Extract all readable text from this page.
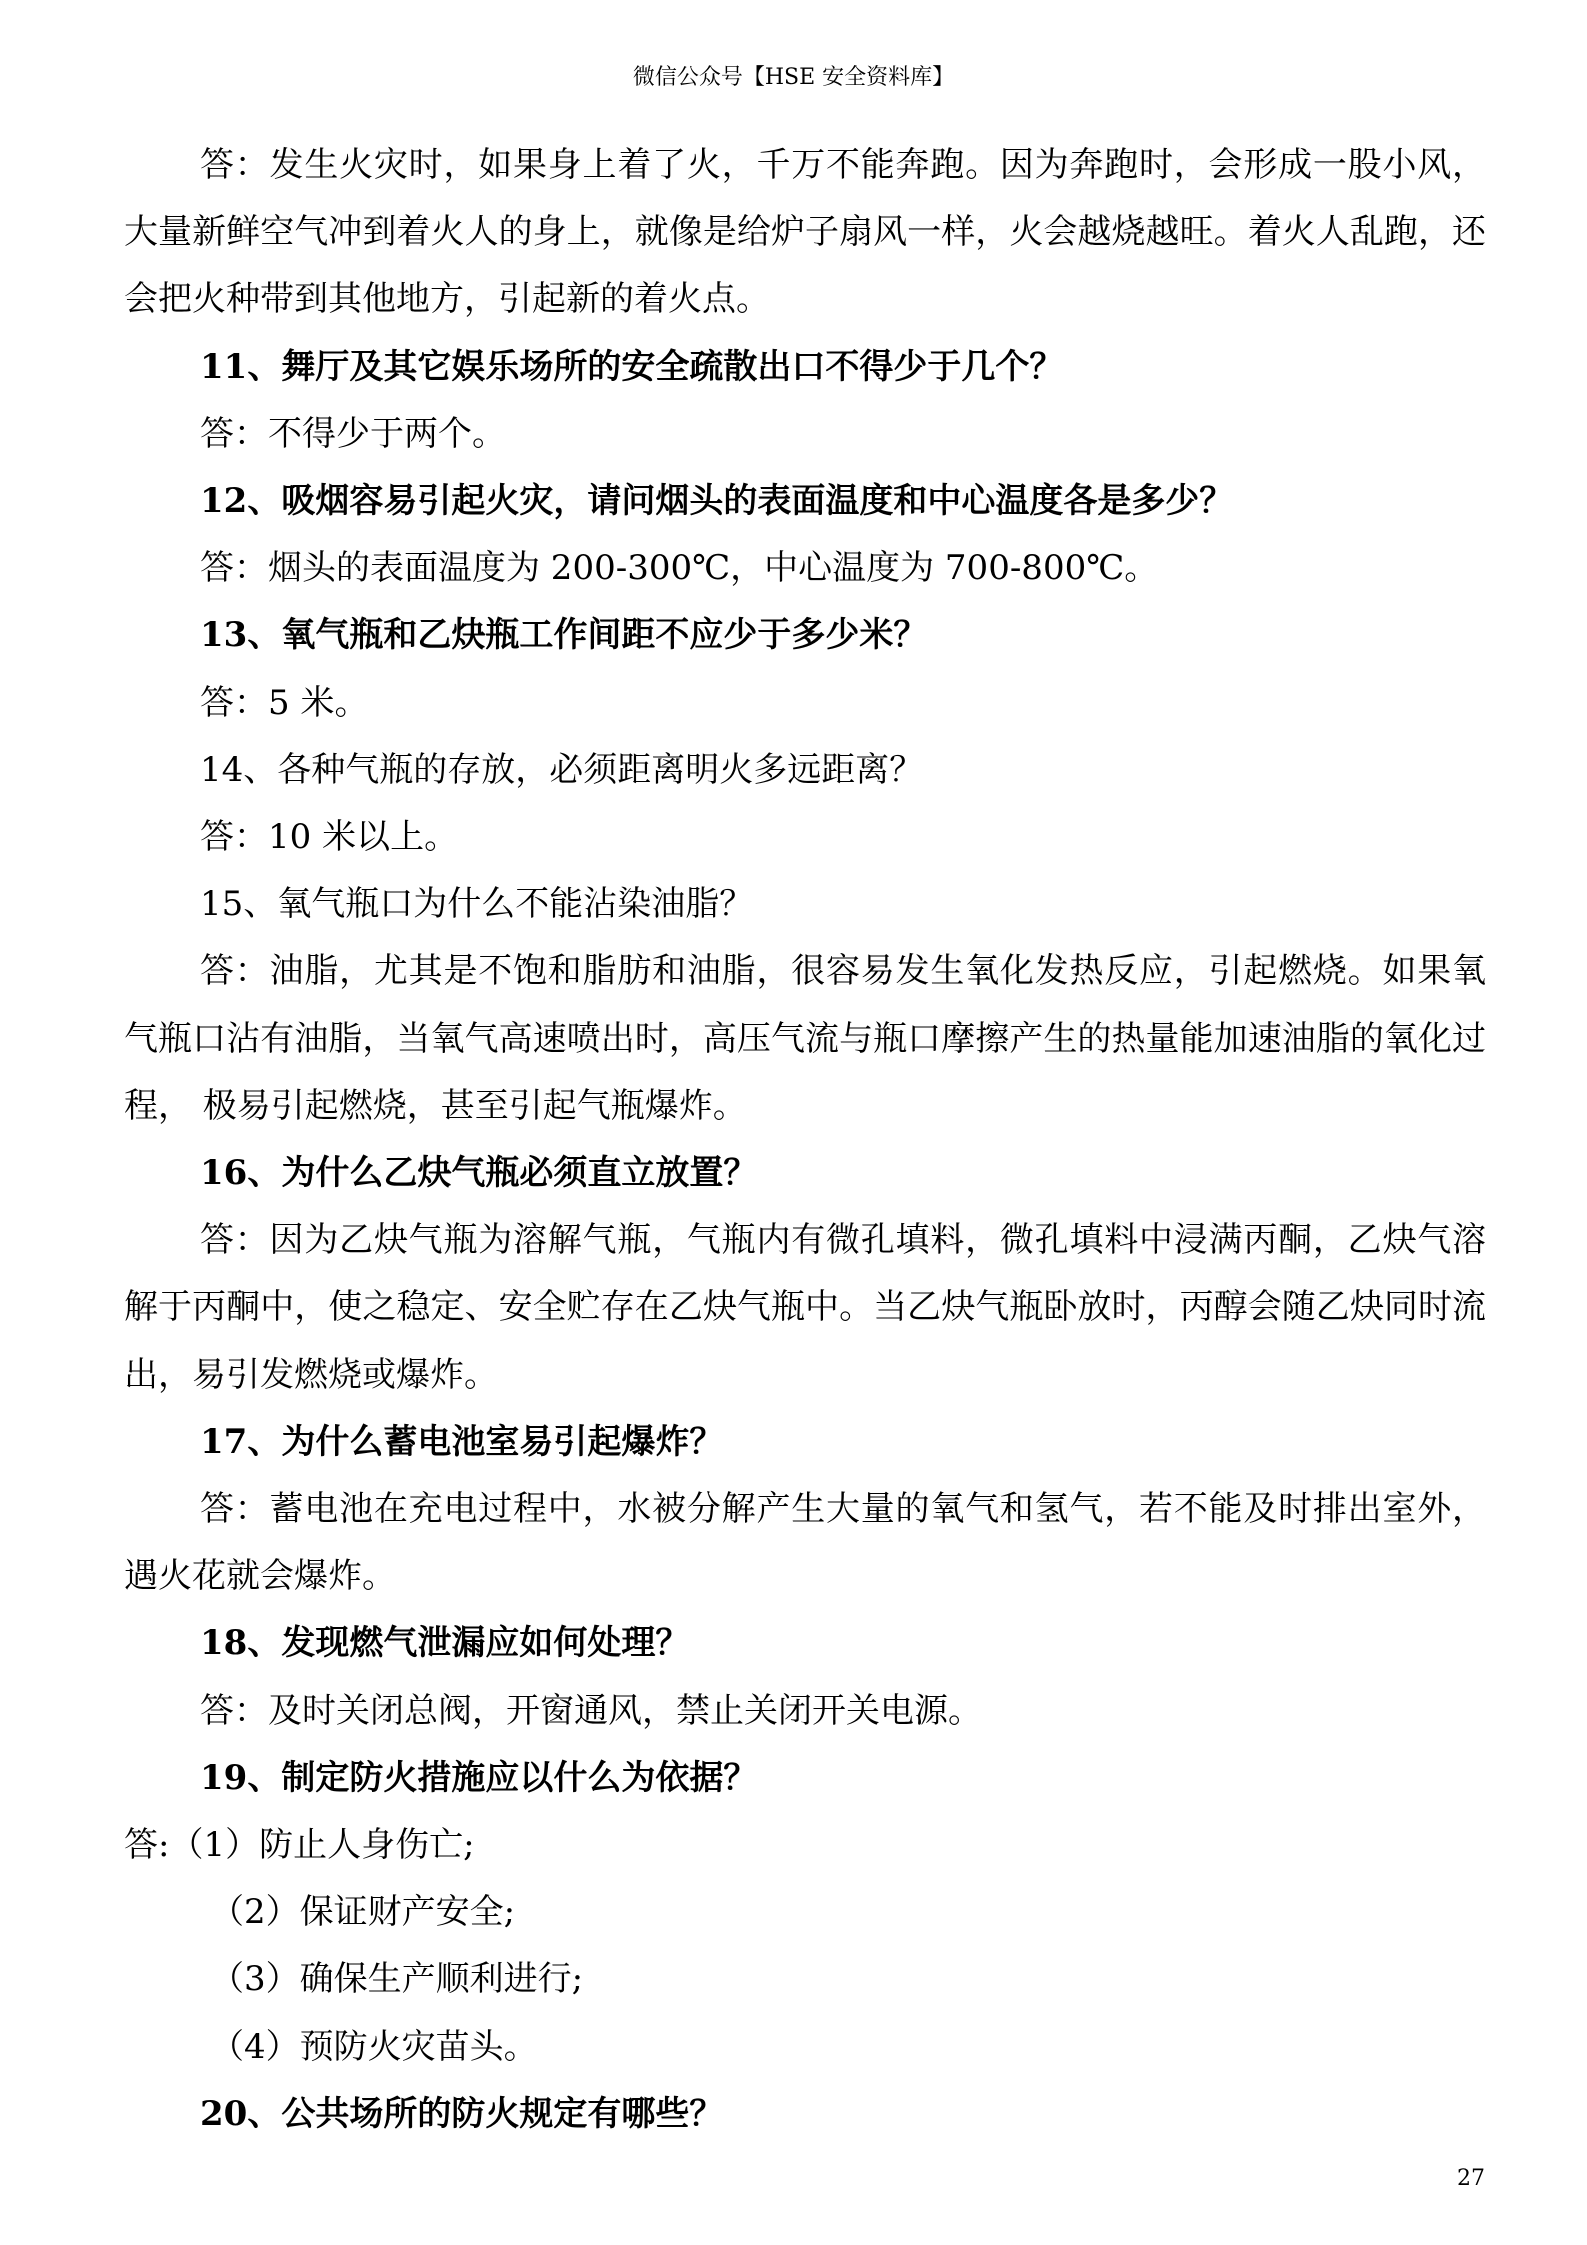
微信公众号【HSE 安全资料库】

答：发生火灾时，如果身上着了火，千万不能奔跑。因为奔跑时，会形成一股小风，大量新鲜空气冲到着火人的身上，就像是给炉子扇风一样，火会越烧越旺。着火人乱跑，还会把火种带到其他地方，引起新的着火点。

11、舞厅及其它娱乐场所的安全疏散出口不得少于几个？

答：不得少于两个。

12、吸烟容易引起火灾，请问烟头的表面温度和中心温度各是多少？

答：烟头的表面温度为 200-300℃，中心温度为 700-800℃。

13、氧气瓶和乙炔瓶工作间距不应少于多少米？

答：5 米。

14、各种气瓶的存放，必须距离明火多远距离？

答：10 米以上。

15、氧气瓶口为什么不能沾染油脂？

答：油脂，尤其是不饱和脂肪和油脂，很容易发生氧化发热反应，引起燃烧。如果氧气瓶口沾有油脂，当氧气高速喷出时，高压气流与瓶口摩擦产生的热量能加速油脂的氧化过程， 极易引起燃烧，甚至引起气瓶爆炸。

16、为什么乙炔气瓶必须直立放置？

答：因为乙炔气瓶为溶解气瓶，气瓶内有微孔填料，微孔填料中浸满丙酮，乙炔气溶解于丙酮中，使之稳定、安全贮存在乙炔气瓶中。当乙炔气瓶卧放时，丙醇会随乙炔同时流出，易引发燃烧或爆炸。

17、为什么蓄电池室易引起爆炸？

答：蓄电池在充电过程中，水被分解产生大量的氧气和氢气，若不能及时排出室外，遇火花就会爆炸。

18、发现燃气泄漏应如何处理？

答：及时关闭总阀，开窗通风，禁止关闭开关电源。

19、制定防火措施应以什么为依据？

答:（1）防止人身伤亡;

（2）保证财产安全;

（3）确保生产顺利进行;

（4）预防火灾苗头。

20、公共场所的防火规定有哪些？

27
